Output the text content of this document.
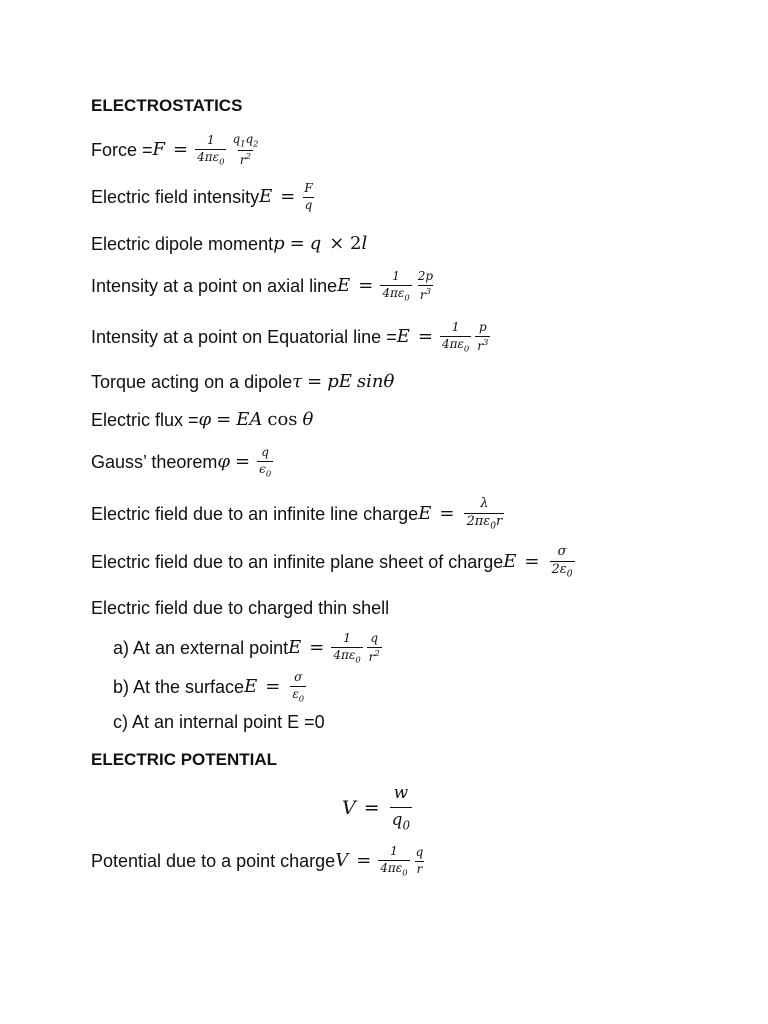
ELECTROSTATICS
Force = $F = \frac{1}{4\pi\varepsilon_0} \frac{q_1q_2}{r^2}$
Electric field intensity $E = \frac{F}{q}$
Electric dipole moment p = q × 2l
Intensity at a point on axial line $E = \frac{1}{4\pi\varepsilon_0} \frac{2p}{r^3}$
Intensity at a point on Equatorial line = $E = \frac{1}{4\pi\varepsilon_0} \frac{p}{r^3}$
Torque acting on a dipole τ = pE sinθ
Electric flux = φ = EA cos θ
Gauss’ theorem $\varphi = \frac{q}{\epsilon_0}$
Electric field due to an infinite line charge $E = \frac{\lambda}{2\pi\varepsilon_0r}$
Electric field due to an infinite plane sheet of charge $E = \frac{\sigma}{2\varepsilon_0}$
Electric field due to charged thin shell
a) At an external point $E = \frac{1}{4\pi\varepsilon_0} \frac{q}{r^2}$
b) At the surface $E = \frac{\sigma}{\varepsilon_0}$
c) At an internal point E =0
ELECTRIC POTENTIAL
$V = \frac{w}{q_0}$
Potential due to a point charge $V = \frac{1}{4\pi\varepsilon_0} \frac{q}{r}$
